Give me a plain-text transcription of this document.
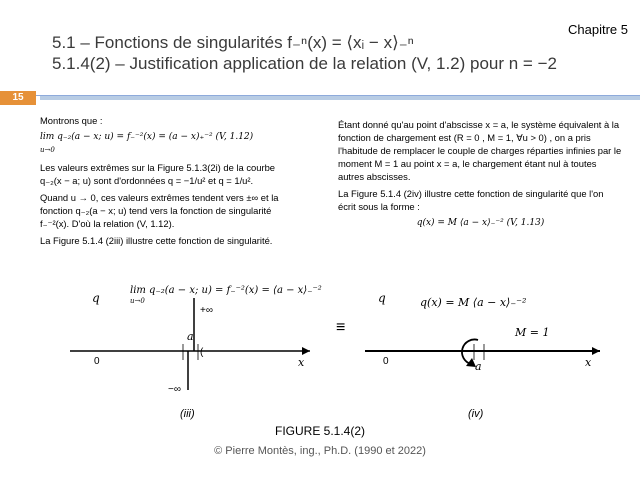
Chapitre 5
5.1 – Fonctions de singularités f₋ⁿ(x) = ⟨xᵢ − x⟩₋ⁿ
5.1.4(2) – Justification application de la relation (V, 1.2) pour n = −2
15

Montrons que :

lim q₋₂(a − x; u) = f₋⁻²(x) = (a − x)₊⁻² (V, 1.12)
u→0

Les valeurs extrêmes sur la Figure 5.1.3(2i) de la courbe q₋₂(x − a; u) sont d'ordonnées q = −1/u² et q = 1/u².

Quand u → 0, ces valeurs extrêmes tendent vers ±∞ et la fonction q₋₂(a − x; u) tend vers la fonction de singularité f₋⁻²(x). D'où la relation (V, 1.12).

La Figure 5.1.4 (2iii) illustre cette fonction de singularité.

Étant donné qu'au point d'abscisse x = a, le système équivalent à la fonction de chargement est (R = 0 , M = 1, ∀u > 0) , on a pris l'habitude de remplacer le couple de charges réparties infinies par le moment M = 1 au point x = a, le chargement étant nul à toutes autres abscisses.

La Figure 5.1.4 (2iv) illustre cette fonction de singularité que l'on écrit sous la forme :

q(x) = M ⟨a − x⟩₋⁻² (V, 1.13)

lim q₋₂(a − x; u) = f₋⁻²(x) = ⟨a − x⟩₋⁻²
u→0
q
x
0
(
a
+∞
−∞
(iii)
≡
q(x) = M ⟨a − x⟩₋⁻²
q
x
0	a
M = 1
(iv)
FIGURE 5.1.4(2)
© Pierre Montès, ing., Ph.D. (1990 et 2022)
